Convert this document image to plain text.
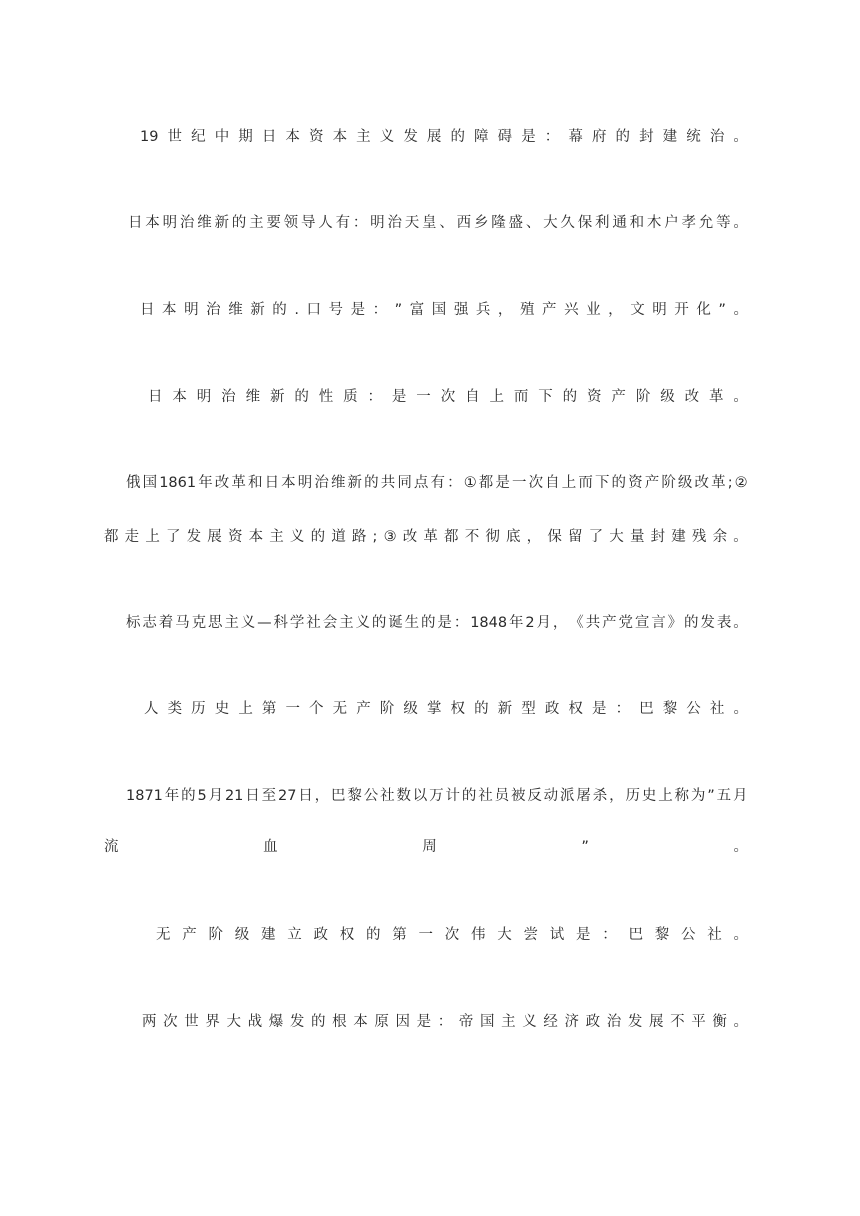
19 世 纪 中 期 日 本 资 本 主 义 发 展 的 障 碍 是 ： 幕 府 的 封 建 统 治 。
日 本 明 治 维 新 的 主 要 领 导 人 有 ： 明 治 天 皇 、 西 乡 隆 盛 、 大 久 保 利 通 和 木 户 孝 允 等 。
日 本 明 治 维 新 的 . 口 号 是 ： ” 富 国 强 兵 ， 殖 产 兴 业 ， 文 明 开 化 ” 。
日 本 明 治 维 新 的 性 质 ： 是 一 次 自 上 而 下 的 资 产 阶 级 改 革 。
俄 国 1861 年 改 革 和 日 本 明 治 维 新 的 共 同 点 有 ： ① 都 是 一 次 自 上 而 下 的 资 产 阶 级 改 革 ; ②
都 走 上 了 发 展 资 本 主 义 的 道 路 ; ③ 改 革 都 不 彻 底 ， 保 留 了 大 量 封 建 残 余 。
标 志 着 马 克 思 主 义 — 科 学 社 会 主 义 的 诞 生 的 是 ： 1848 年 2 月 ， 《 共 产 党 宣 言 》 的 发 表 。
人 类 历 史 上 第 一 个 无 产 阶 级 掌 权 的 新 型 政 权 是 ： 巴 黎 公 社 。
1871 年 的 5 月 21 日 至 27 日 ， 巴 黎 公 社 数 以 万 计 的 社 员 被 反 动 派 屠 杀 ， 历 史 上 称 为 ” 五 月
流	血	周	”	。
无 产 阶 级 建 立 政 权 的 第 一 次 伟 大 尝 试 是 ： 巴 黎 公 社 。
两 次 世 界 大 战 爆 发 的 根 本 原 因 是 ： 帝 国 主 义 经 济 政 治 发 展 不 平 衡 。
